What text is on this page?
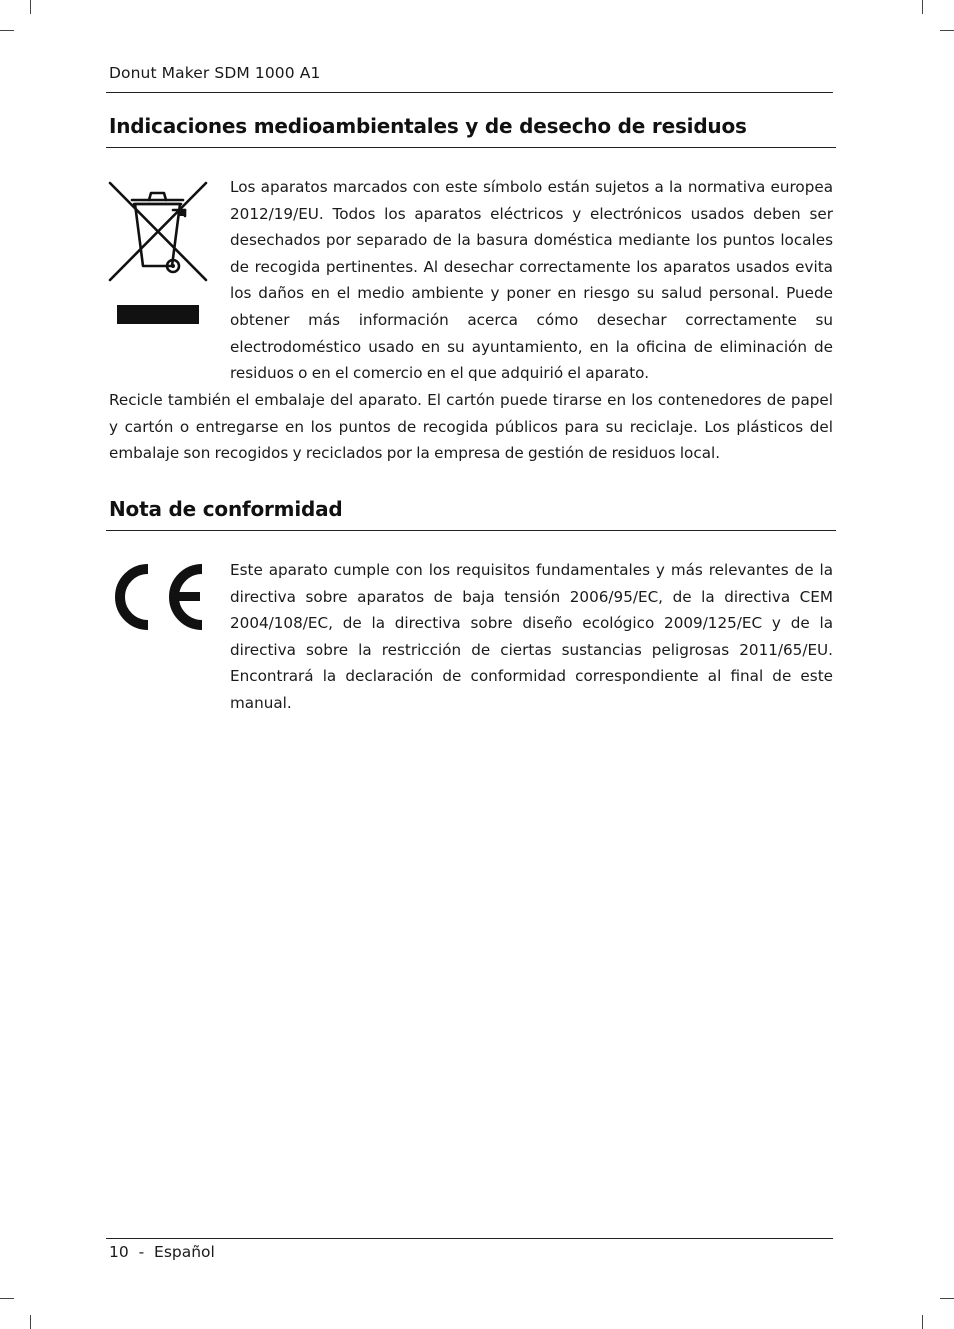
Donut Maker SDM 1000 A1
Indicaciones medioambientales y de desecho de residuos

Los aparatos marcados con este símbolo están sujetos a la normativa europea 2012/19/EU. Todos los aparatos eléctricos y electrónicos usados deben ser desechados por separado de la basura doméstica mediante los puntos locales de recogida pertinentes. Al desechar correctamente los aparatos usados evita los daños en el medio ambiente y poner en riesgo su salud personal. Puede obtener más información acerca cómo desechar correctamente su electrodoméstico usado en su ayuntamiento, en la oficina de eliminación de residuos o en el comercio en el que adquirió el aparato.

Recicle también el embalaje del aparato. El cartón puede tirarse en los contenedores de papel y cartón o entregarse en los puntos de recogida públicos para su reciclaje. Los plásticos del embalaje son recogidos y reciclados por la empresa de gestión de residuos local.

Nota de conformidad

Este aparato cumple con los requisitos fundamentales y más relevantes de la directiva sobre aparatos de baja tensión 2006/95/EC, de la directiva CEM 2004/108/EC, de la directiva sobre diseño ecológico 2009/125/EC y de la directiva sobre la restricción de ciertas sustancias peligrosas 2011/65/EU. Encontrará la declaración de conformidad correspondiente al final de este manual.

10  -  Español
